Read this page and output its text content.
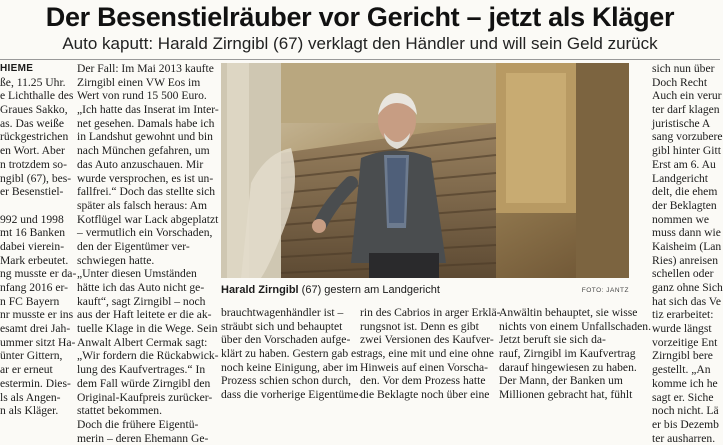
Der Besenstielräuber vor Gericht – jetzt als Kläger
Auto kaputt: Harald Zirngibl (67) verklagt den Händler und will sein Geld zurück
HIEME
ße, 11.25 Uhr.
e Lichthalle des
Graues Sakko,
as. Das weiße
rückgestrichen
en Wort. Aber
n trotzdem so-
ngibl (67), bes-
er Besenstiel-
992 und 1998
mt 16 Banken
dabei vierein-
Mark erbeutet.
ng musste er da-
nfang 2016 er-
n FC Bayern
nr musste er ins
esamt drei Jah-
ummer sitzt Ha-
ünter Gittern,
ar er erneut
estermin. Dies-
ls als Angen-
n als Kläger.
Der Fall: Im Mai 2013 kaufte
Zirngibl einen VW Eos im
Wert von rund 15 500 Euro.
„Ich hatte das Inserat im Inter-
net gesehen. Damals habe ich
in Landshut gewohnt und bin
nach München gefahren, um
das Auto anzuschauen. Mir
wurde versprochen, es ist un-
fallfrei.“ Doch das stellte sich
später als falsch heraus: Am
Kotflügel war Lack abgeplatzt
– vermutlich ein Vorschaden,
den der Eigentümer ver-
schwiegen hatte.
„Unter diesen Umständen
hätte ich das Auto nicht ge-
kauft“, sagt Zirngibl – noch
aus der Haft leitete er die ak-
tuelle Klage in die Wege. Sein
Anwalt Albert Cermak sagt:
„Wir fordern die Rückabwick-
lung des Kaufvertrages.“ In
dem Fall würde Zirngibl den
Original-Kaufpreis zurücker-
stattet bekommen.
Doch die frühere Eigentü-
merin – deren Ehemann Ge-
Harald Zirngibl (67) gestern am Landgericht	FOTO: JANTZ
brauchtwagenhändler ist –
sträubt sich und behauptet
über den Vorschaden aufge-
klärt zu haben. Gestern gab es
noch keine Einigung, aber im
Prozess schien schon durch,
dass die vorherige Eigentüme-
rin des Cabrios in arger Erklä-
rungsnot ist. Denn es gibt
zwei Versionen des Kaufver-
trags, eine mit und eine ohne
Hinweis auf einen Vorscha-
den. Vor dem Prozess hatte
die Beklagte noch über eine
Anwältin behauptet, sie wisse
nichts von einem Unfallschaden.
Jetzt beruft sie sich da-
rauf, Zirngibl im Kaufvertrag
darauf hingewiesen zu haben.
Der Mann, der Banken um
Millionen gebracht hat, fühlt
sich nun über
Doch Recht
Auch ein verur
ter darf klagen
juristische A
sang vorzubere
gibl hinter Gitt
Erst am 6. Au
Landgericht
delt, die ehem
der Beklagten
nommen we
muss dann wie
Kaisheim (Lan
Ries) anreisen
schellen oder
ganz ohne Sich
hat sich das Ve
tiz erarbeitet:
wurde längst
vorzeitige Ent
Zirngibl bere
gestellt. „An
komme ich he
sagt er. Siche
noch nicht. Lä
er bis Dezemb
ter ausharren.
